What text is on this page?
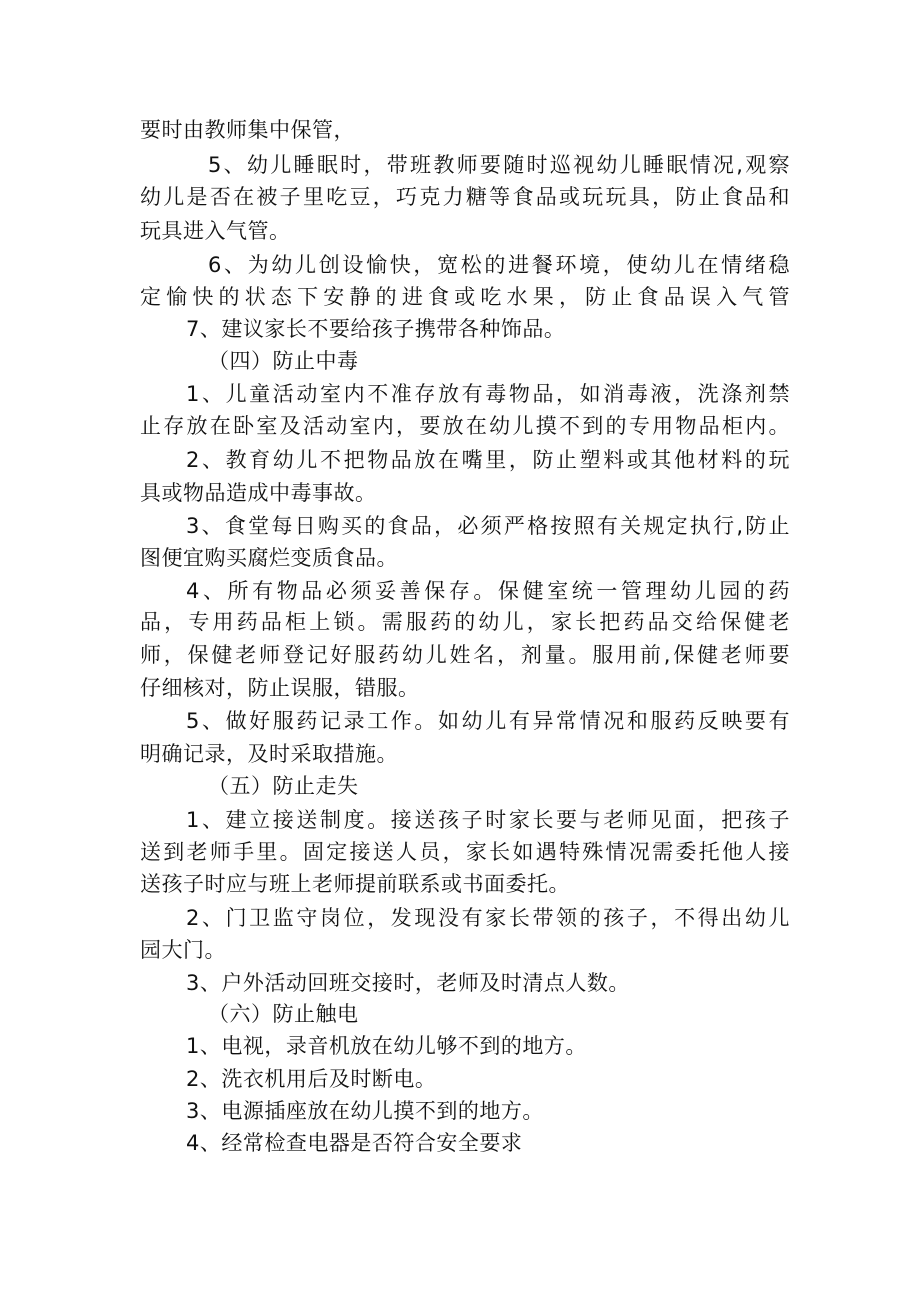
要时由教师集中保管，
5、幼儿睡眠时，带班教师要随时巡视幼儿睡眠情况,观察
幼儿是否在被子里吃豆，巧克力糖等食品或玩玩具，防止食品和
玩具进入气管。
6、为幼儿创设愉快，宽松的进餐环境，使幼儿在情绪稳
定愉快的状态下安静的进食或吃水果，防止食品误入气管
7、建议家长不要给孩子携带各种饰品。
（四）防止中毒
1、儿童活动室内不准存放有毒物品，如消毒液，洗涤剂禁
止存放在卧室及活动室内，要放在幼儿摸不到的专用物品柜内。
2、教育幼儿不把物品放在嘴里，防止塑料或其他材料的玩
具或物品造成中毒事故。
3、食堂每日购买的食品，必须严格按照有关规定执行,防止
图便宜购买腐烂变质食品。
4、所有物品必须妥善保存。保健室统一管理幼儿园的药
品，专用药品柜上锁。需服药的幼儿，家长把药品交给保健老
师，保健老师登记好服药幼儿姓名，剂量。服用前,保健老师要
仔细核对，防止误服，错服。
5、做好服药记录工作。如幼儿有异常情况和服药反映要有
明确记录，及时采取措施。
（五）防止走失
1、建立接送制度。接送孩子时家长要与老师见面，把孩子
送到老师手里。固定接送人员，家长如遇特殊情况需委托他人接
送孩子时应与班上老师提前联系或书面委托。
2、门卫监守岗位，发现没有家长带领的孩子，不得出幼儿
园大门。
3、户外活动回班交接时，老师及时清点人数。
（六）防止触电
1、电视，录音机放在幼儿够不到的地方。
2、洗衣机用后及时断电。
3、电源插座放在幼儿摸不到的地方。
4、经常检查电器是否符合安全要求
